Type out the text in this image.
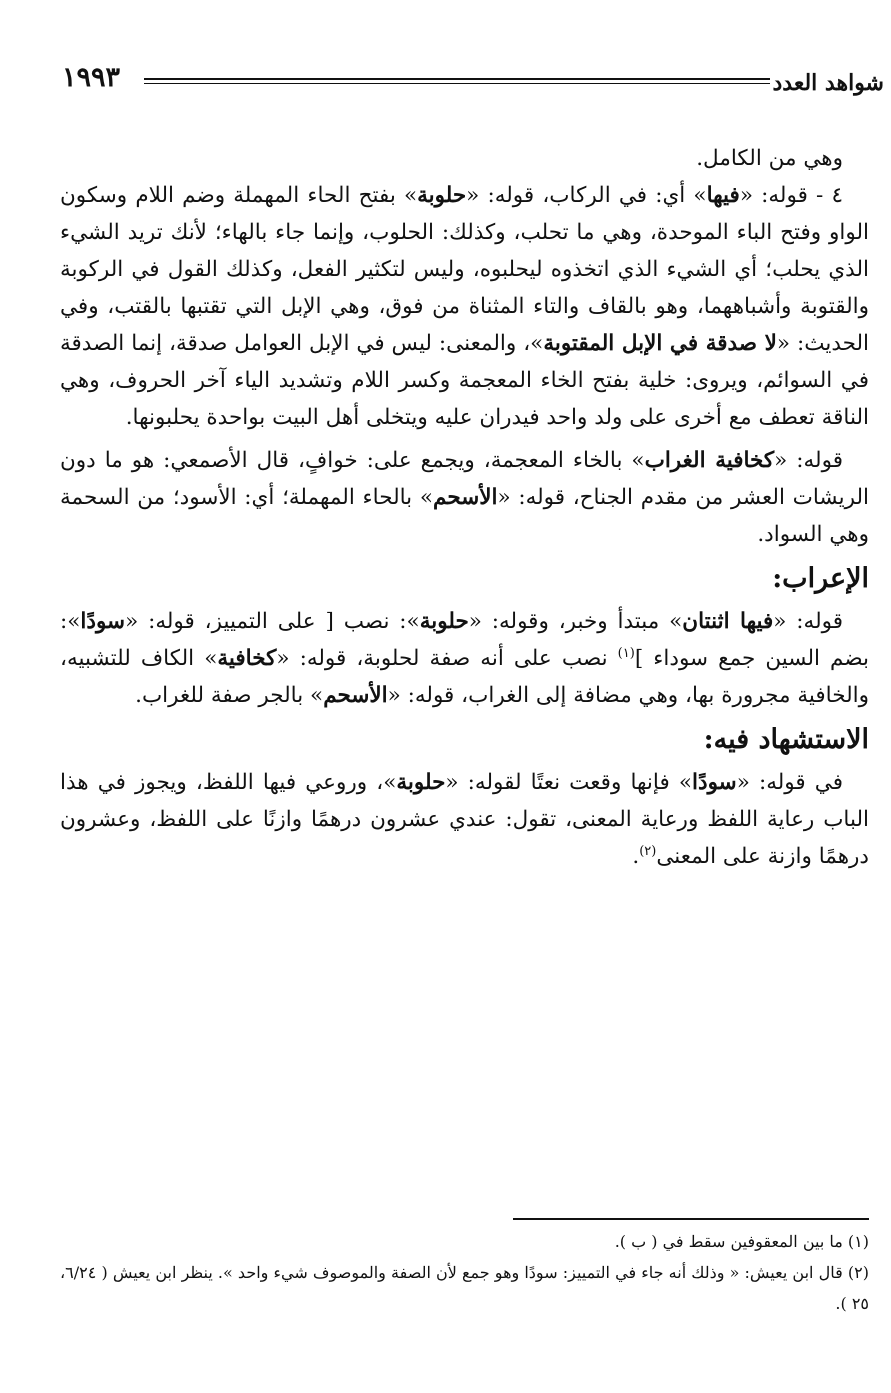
شواهد العدد
١٩٩٣

وهي من الكامل.

٤ - قوله: «فيها» أي: في الركاب، قوله: «حلوبة» بفتح الحاء المهملة وضم اللام وسكون الواو وفتح الباء الموحدة، وهي ما تحلب، وكذلك: الحلوب، وإنما جاء بالهاء؛ لأنك تريد الشيء الذي يحلب؛ أي الشيء الذي اتخذوه ليحلبوه، وليس لتكثير الفعل، وكذلك القول في الركوبة والقتوبة وأشباههما، وهو بالقاف والتاء المثناة من فوق، وهي الإبل التي تقتبها بالقتب، وفي الحديث: «لا صدقة في الإبل المقتوبة»، والمعنى: ليس في الإبل العوامل صدقة، إنما الصدقة في السوائم، ويروى: خلية بفتح الخاء المعجمة وكسر اللام وتشديد الياء آخر الحروف، وهي الناقة تعطف مع أخرى على ولد واحد فيدران عليه ويتخلى أهل البيت بواحدة يحلبونها.

قوله: «كخافية الغراب» بالخاء المعجمة، ويجمع على: خوافٍ، قال الأصمعي: هو ما دون الريشات العشر من مقدم الجناح، قوله: «الأسحم» بالحاء المهملة؛ أي: الأسود؛ من السحمة وهي السواد.

الإعراب:

قوله: «فيها اثنتان» مبتدأ وخبر، وقوله: «حلوبة»: نصب [ على التمييز، قوله: «سودًا»: بضم السين جمع سوداء ]$^{(١)}$ نصب على أنه صفة لحلوبة، قوله: «كخافية» الكاف للتشبيه، والخافية مجرورة بها، وهي مضافة إلى الغراب، قوله: «الأسحم» بالجر صفة للغراب.

الاستشهاد فيه:

في قوله: «سودًا» فإنها وقعت نعتًا لقوله: «حلوبة»، وروعي فيها اللفظ، ويجوز في هذا الباب رعاية اللفظ ورعاية المعنى، تقول: عندي عشرون درهمًا وازنًا على اللفظ، وعشرون درهمًا وازنة على المعنى$^{(٢)}$.

(١) ما بين المعقوفين سقط في ( ب ).

(٢) قال ابن يعيش: « وذلك أنه جاء في التمييز: سودًا وهو جمع لأن الصفة والموصوف شيء واحد ». ينظر ابن يعيش ( ٦/٢٤، ٢٥ ).
